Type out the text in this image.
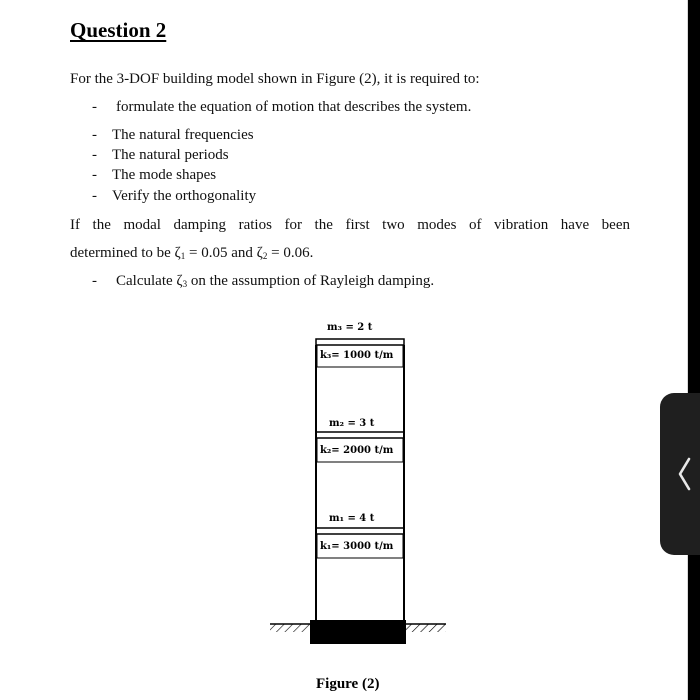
Question 2
For the 3-DOF building model shown in Figure (2), it is required to:
- formulate the equation of motion that describes the system.
- The natural frequencies
- The natural periods
- The mode shapes
- Verify the orthogonality
If the modal damping ratios for the first two modes of vibration have been
determined to be $\zeta_1 = 0.05$ and $\zeta_2 = 0.06$.
- Calculate $\zeta_3$ on the assumption of Rayleigh damping.
m₃ = 2 t
k₃= 1000 t/m
m₂ = 3 t
k₂= 2000 t/m
m₁ = 4 t
k₁= 3000 t/m
Figure (2)
